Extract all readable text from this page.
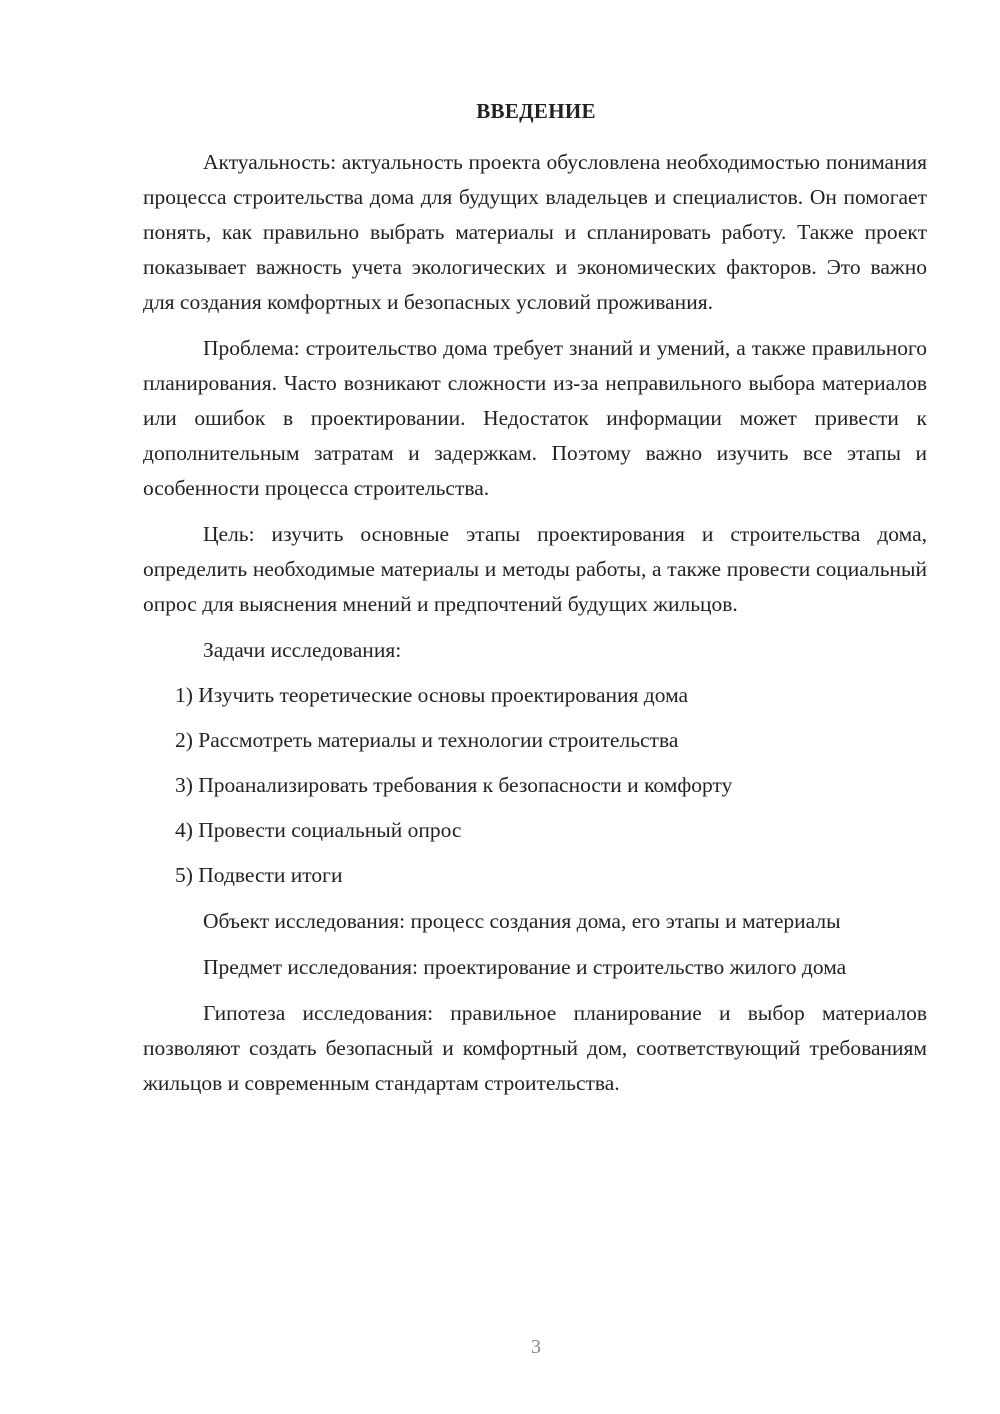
ВВЕДЕНИЕ

Актуальность: актуальность проекта обусловлена необходимостью понимания процесса строительства дома для будущих владельцев и специалистов. Он помогает понять, как правильно выбрать материалы и спланировать работу. Также проект показывает важность учета экологических и экономических факторов. Это важно для создания комфортных и безопасных условий проживания.

Проблема: строительство дома требует знаний и умений, а также правильного планирования. Часто возникают сложности из-за неправильного выбора материалов или ошибок в проектировании. Недостаток информации может привести к дополнительным затратам и задержкам. Поэтому важно изучить все этапы и особенности процесса строительства.

Цель: изучить основные этапы проектирования и строительства дома, определить необходимые материалы и методы работы, а также провести социальный опрос для выяснения мнений и предпочтений будущих жильцов.

Задачи исследования:

1) Изучить теоретические основы проектирования дома
2) Рассмотреть материалы и технологии строительства
3) Проанализировать требования к безопасности и комфорту
4) Провести социальный опрос
5) Подвести итоги

Объект исследования: процесс создания дома, его этапы и материалы

Предмет исследования: проектирование и строительство жилого дома

Гипотеза исследования: правильное планирование и выбор материалов позволяют создать безопасный и комфортный дом, соответствующий требованиям жильцов и современным стандартам строительства.

3
